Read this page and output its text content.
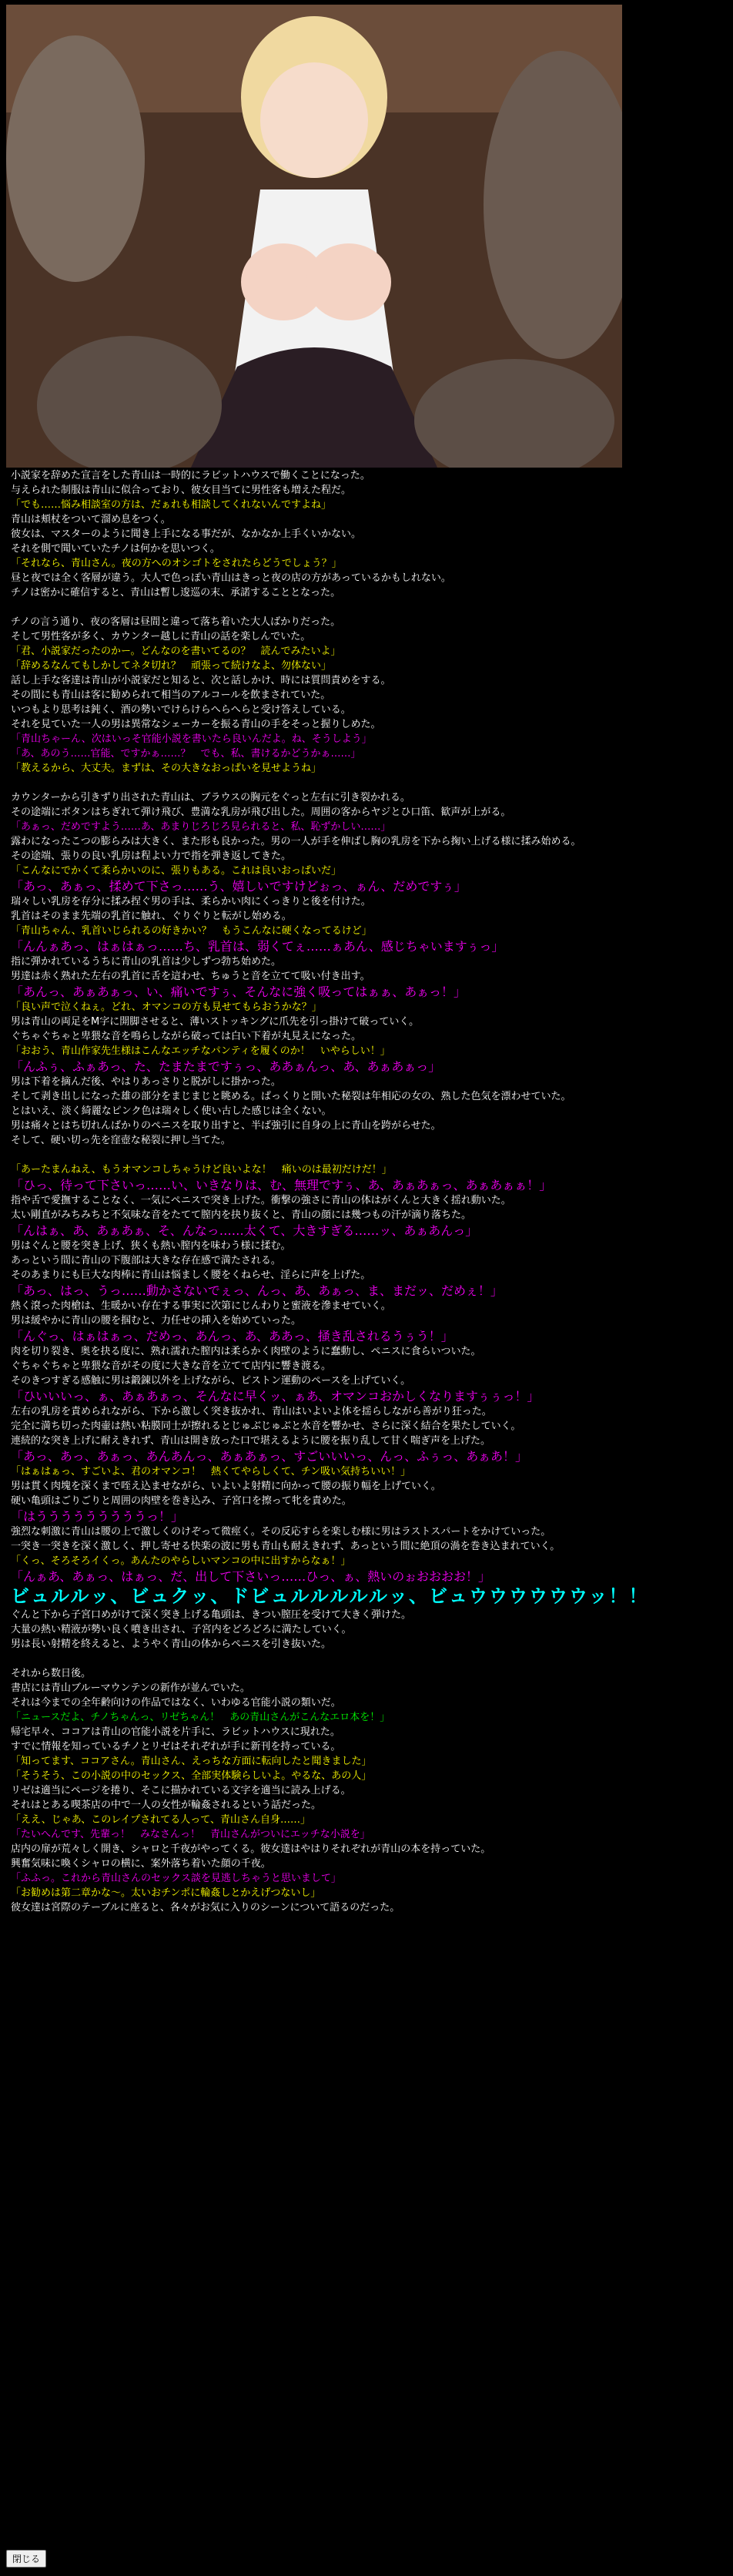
小説家を辞めた宣言をした青山は一時的にラビットハウスで働くことになった。

与えられた制服は青山に似合っており、彼女目当てに男性客も増えた程だ。

「でも……悩み相談室の方は、だぁれも相談してくれないんですよね」

青山は頬杖をついて溜め息をつく。

彼女は、マスターのように聞き上手になる事だが、なかなか上手くいかない。

それを側で聞いていたチノは何かを思いつく。

「それなら、青山さん。夜の方へのオシゴトをされたらどうでしょう？」

昼と夜では全く客層が違う。大人で色っぽい青山はきっと夜の店の方があっているかもしれない。

チノは密かに確信すると、青山は暫し逡巡の末、承諾することとなった。

チノの言う通り、夜の客層は昼間と違って落ち着いた大人ばかりだった。

そして男性客が多く、カウンター越しに青山の話を楽しんでいた。

「君、小説家だったのかー。どんなのを書いてるの？　読んでみたいよ」

「辞めるなんてもしかしてネタ切れ？　頑張って続けなよ、勿体ない」

話し上手な客達は青山が小説家だと知ると、次と話しかけ、時には質問責めをする。

その間にも青山は客に勧められて相当のアルコールを飲まされていた。

いつもより思考は鈍く、酒の勢いでけらけらへらへらと受け答えしている。

それを見ていた一人の男は異常なシェーカーを振る青山の手をそっと握りしめた。

「青山ちゃーん、次はいっそ官能小説を書いたら良いんだよ。ね、そうしよう」

「あ、あのう……官能、ですかぁ……？　でも、私、書けるかどうかぁ……」

「教えるから、大丈夫。まずは、その大きなおっぱいを見せようね」

カウンターから引きずり出された青山は、ブラウスの胸元をぐっと左右に引き裂かれる。

その途端にボタンはちぎれて弾け飛び、豊満な乳房が飛び出した。周囲の客からヤジとひ口笛、歓声が上がる。

「あぁっ、だめですよう……あ、あまりじろじろ見られると、私、恥ずかしい……」

露わになったこつの膨らみは大きく、また形も良かった。男の一人が手を伸ばし胸の乳房を下から掬い上げる様に揉み始める。

その途端、張りの良い乳房は程よい力で指を弾き返してきた。

「こんなにでかくて柔らかいのに、張りもある。これは良いおっぱいだ」

「あっ、あぁっ、揉めて下さっ……う、嬉しいですけどぉっ、ぁん、だめですぅ」

瑞々しい乳房を存分に揉み捏ぐ男の手は、柔らかい肉にくっきりと後を付けた。

乳首はそのまま先端の乳首に触れ、ぐりぐりと転がし始める。

「青山ちゃん、乳首いじられるの好きかい？　もうこんなに硬くなってるけど」

「んんぁあっ、はぁはぁっ……ち、乳首は、弱くてぇ……ぁあん、感じちゃいますぅっ」

指に弾かれているうちに青山の乳首は少しずつ勃ち始めた。

男達は赤く熟れた左右の乳首に舌を這わせ、ちゅうと音を立てて吸い付き出す。

「あんっ、あぁあぁっ、い、痛いですぅ、そんなに強く吸ってはぁぁ、あぁっ！」

「良い声で泣くねぇ。どれ、オマンコの方も見せてもらおうかな？」

男は青山の両足をM字に開脚させると、薄いストッキングに爪先を引っ掛けて破っていく。

ぐちゃぐちゃと卑猥な音を鳴らしながら破っては白い下着が丸見えになった。

「おおう、青山作家先生様はこんなエッチなパンティを履くのか！　いやらしい！」

「んふぅ、ふぁあっ、た、たまたまですぅっ、ああぁんっ、あ、あぁあぁっ」

男は下着を摘んだ後、やはりあっさりと脱がしに掛かった。

そして剥き出しになった雄の部分をまじまじと眺める。ぱっくりと開いた秘裂は年相応の女の、熟した色気を漂わせていた。

とはいえ、淡く綺麗なピンク色は瑞々しく使い古した感じは全くない。

男は痛々とはち切れんばかりのペニスを取り出すと、半ば強引に自身の上に青山を跨がらせた。

そして、硬い切っ先を窪壺な秘裂に押し当てた。

「あーたまんねえ、もうオマンコしちゃうけど良いよな！　痛いのは最初だけだ！」

「ひっ、待って下さいっ……い、いきなりは、む、無理ですぅ、あ、あぁあぁっ、あぁあぁぁ！」

指や舌で愛撫することなく、一気にペニスで突き上げた。衝撃の強さに青山の体はがくんと大きく揺れ動いた。

太い剛直がみちみちと不気味な音をたてて膣内を抉り抜くと、青山の顔には幾つもの汗が滴り落ちた。

「んはぁ、あ、あぁあぁ、そ、んなっ……太くて、大きすぎる……ッ、あぁあんっ」

男はぐんと腰を突き上げ、狭くも熱い膣内を味わう様に揉む。

あっという間に青山の下腹部は大きな存在感で満たされる。

そのあまりにも巨大な肉棒に青山は悩ましく腰をくねらせ、淫らに声を上げた。

「あっ、はっ、うっ……動かさないでぇっ、んっ、あ、あぁっ、ま、まだッ、だめぇ！」

熱く滾った肉槍は、生暖かい存在する事実に次第にじんわりと蜜液を滲ませていく。

男は緩やかに青山の腰を掴むと、力任せの挿入を始めていった。

「んぐっ、はぁはぁっ、だめっ、あんっ、あ、ああっ、掻き乱されるうぅう！」

肉を切り裂き、奥を抉る度に、熟れ濡れた膣内は柔らかく肉壁のように蠢動し、ペニスに食らいついた。

ぐちゃぐちゃと卑猥な音がその度に大きな音を立てて店内に響き渡る。

そのきつすぎる感触に男は鍛錬以外を上げながら、ピストン運動のペースを上げていく。

「ひいいいっ、ぁ、あぁあぁっ、そんなに早くッ、ぁあ、オマンコおかしくなりますぅぅっ！」

左右の乳房を責められながら、下から激しく突き抜かれ、青山はいよいよ体を揺らしながら善がり狂った。

完全に満ち切った肉壷は熱い粘膜同士が擦れるとじゅぶじゅぶと水音を響かせ、さらに深く結合を果たしていく。

連続的な突き上げに耐えきれず、青山は開き放った口で堪えるように腰を振り乱して甘く喘ぎ声を上げた。

「あっ、あっ、あぁっ、あんあんっ、あぁあぁっ、すごいいいっ、んっ、ふぅっ、あぁあ！」

「はぁはぁっ、すごいよ、君のオマンコ！　熱くてやらしくて、チン吸い気持ちいい！」

男は貫く肉塊を深くまで咥え込ませながら、いよいよ射精に向かって腰の振り幅を上げていく。

硬い亀頭はごりごりと周囲の肉壁を巻き込み、子宮口を擦って牝を責めた。

「はうううううううううっ！」

強烈な刺激に青山は腰の上で激しくのけぞって微痙く。その反応すらを楽しむ様に男はラストスパートをかけていった。

一突き一突きを深く激しく、押し寄せる快楽の波に男も青山も耐えきれず、あっという間に絶頂の渦を巻き込まれていく。

「くっ、そろそろイくっ。あんたのやらしいマンコの中に出すからなぁ！」

「んぁあ、あぁっ、はぁっ、だ、出して下さいっ……ひっ、ぁ、熱いのぉおおおお！」

ビュルルッ、ビュクッ、ドビュルルルルルッ、ビュウウウウウウッ！！

ぐんと下から子宮口めがけて深く突き上げる亀頭は、きつい膣圧を受けて大きく弾けた。

大量の熱い精液が勢い良く噴き出され、子宮内をどろどろに満たしていく。

男は長い射精を終えると、ようやく青山の体からペニスを引き抜いた。

それから数日後。

書店には青山ブルーマウンテンの新作が並んでいた。

それは今までの全年齢向けの作品ではなく、いわゆる官能小説の類いだ。

「ニュースだよ、チノちゃんっ、リゼちゃん！　あの青山さんがこんなエロ本を！」

帰宅早々、ココアは青山の官能小説を片手に、ラビットハウスに現れた。

すでに情報を知っているチノとリゼはそれぞれが手に新刊を持っている。

「知ってます、ココアさん。青山さん、えっちな方面に転向したと聞きました」

「そうそう、この小説の中のセックス、全部実体験らしいよ。やるな、あの人」

リゼは適当にページを捲り、そこに描かれている文字を適当に読み上げる。

それはとある喫茶店の中で一人の女性が輪姦されるという話だった。

「ええ、じゃあ、このレイプされてる人って、青山さん自身……」

「たいへんです、先輩っ！　みなさんっ！　青山さんがついにエッチな小説を」

店内の扉が荒々しく開き、シャロと千夜がやってくる。彼女達はやはりそれぞれが青山の本を持っていた。

興奮気味に喚くシャロの横に、案外落ち着いた顔の千夜。

「ふふっ。これから青山さんのセックス談を見逃しちゃうと思いまして」

「お勧めは第二章かな〜。太いおチンポに輪姦しとかえげつないし」

彼女達は宮際のテーブルに座ると、各々がお気に入りのシーンについて語るのだった。

閉じる
